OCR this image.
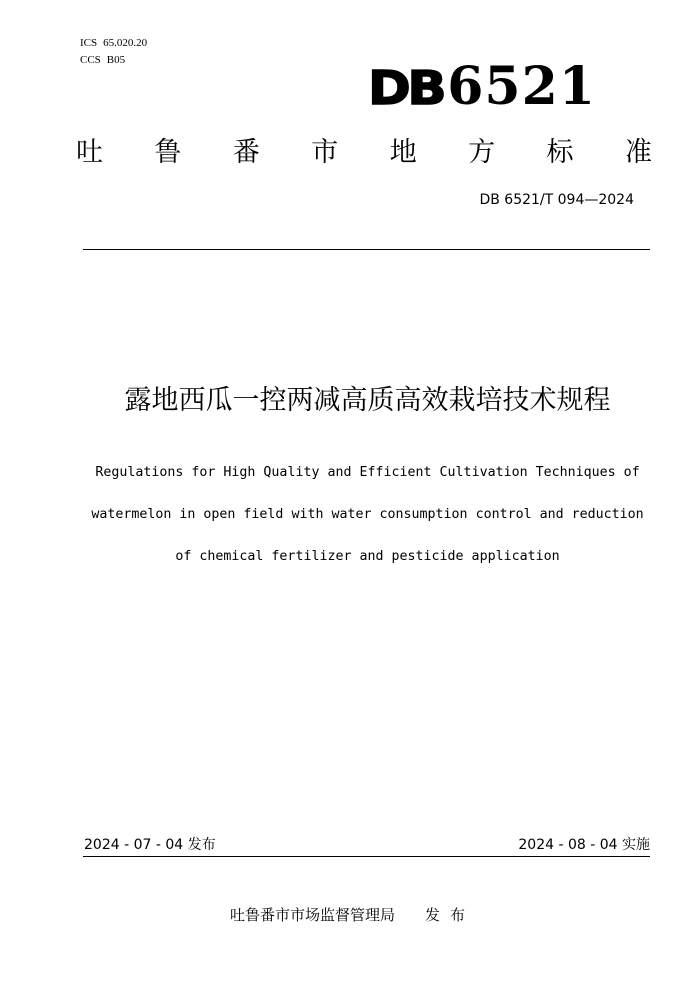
ICS 65.020.20
CCS B05
DB 6521
吐 鲁 番 市 地 方 标 准
DB 6521/T 094—2024
露地西瓜一控两减高质高效栽培技术规程

Regulations for High Quality and Efficient Cultivation Techniques of

watermelon in open field with water consumption control and reduction

of chemical fertilizer and pesticide application

2024 - 07 - 04 发布	2024 - 08 - 04 实施
吐鲁番市市场监督管理局 发布
